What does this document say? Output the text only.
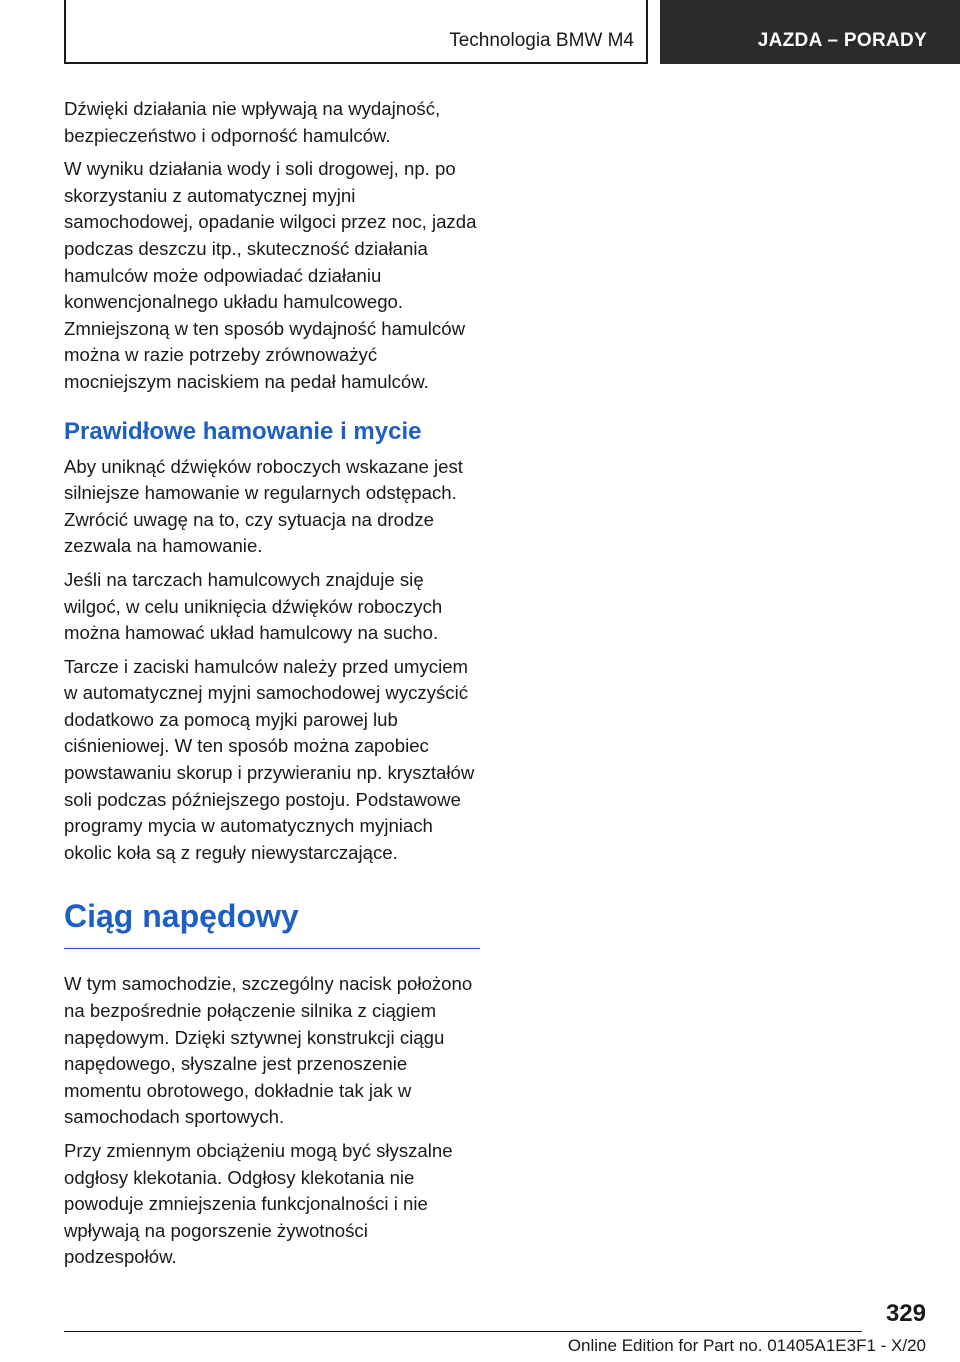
Technologia BMW M4	JAZDA – PORADY

Dźwięki działania nie wpływają na wydajność, bezpieczeństwo i odporność hamulców.

W wyniku działania wody i soli drogowej, np. po skorzystaniu z automatycznej myjni samochodowej, opadanie wilgoci przez noc, jazda podczas deszczu itp., skuteczność działania hamulców może odpowiadać działaniu konwencjonalnego układu hamulcowego. Zmniejszoną w ten sposób wydajność hamulców można w razie potrzeby zrównoważyć mocniejszym naciskiem na pedał hamulców.

Prawidłowe hamowanie i mycie

Aby uniknąć dźwięków roboczych wskazane jest silniejsze hamowanie w regularnych odstępach. Zwrócić uwagę na to, czy sytuacja na drodze zezwala na hamowanie.

Jeśli na tarczach hamulcowych znajduje się wilgoć, w celu uniknięcia dźwięków roboczych można hamować układ hamulcowy na sucho.

Tarcze i zaciski hamulców należy przed umyciem w automatycznej myjni samochodowej wyczyścić dodatkowo za pomocą myjki parowej lub ciśnieniowej. W ten sposób można zapobiec powstawaniu skorup i przywieraniu np. kryształów soli podczas późniejszego postoju. Podstawowe programy mycia w automatycznych myjniach okolic koła są z reguły niewystarczające.

Ciąg napędowy

W tym samochodzie, szczególny nacisk położono na bezpośrednie połączenie silnika z ciągiem napędowym. Dzięki sztywnej konstrukcji ciągu napędowego, słyszalne jest przenoszenie momentu obrotowego, dokładnie tak jak w samochodach sportowych.

Przy zmiennym obciążeniu mogą być słyszalne odgłosy klekotania. Odgłosy klekotania nie powoduje zmniejszenia funkcjonalności i nie wpływają na pogorszenie żywotności podzespołów.

329
Online Edition for Part no. 01405A1E3F1 - X/20
